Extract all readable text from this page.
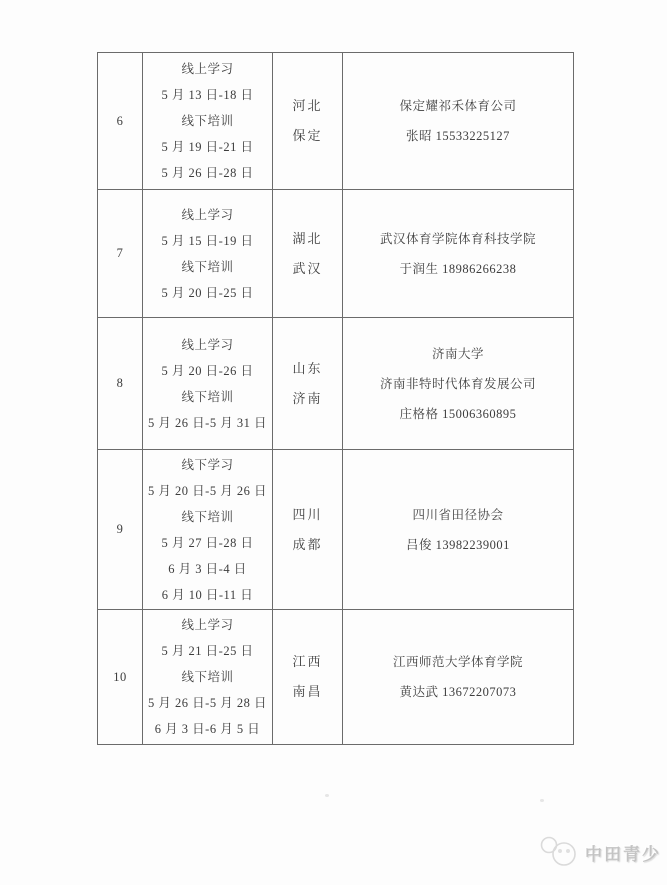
6
线上学习
5 月 13 日-18 日
线下培训
5 月 19 日-21 日
5 月 26 日-28 日
河北
保定
保定耀祁禾体育公司
张昭 15533225127
7
线上学习
5 月 15 日-19 日
线下培训
5 月 20 日-25 日
湖北
武汉
武汉体育学院体育科技学院
于润生 18986266238
8
线上学习
5 月 20 日-26 日
线下培训
5 月 26 日-5 月 31 日
山东
济南
济南大学
济南非特时代体育发展公司
庄格格 15006360895
9
线下学习
5 月 20 日-5 月 26 日
线下培训
5 月 27 日-28 日
6 月 3 日-4 日
6 月 10 日-11 日
四川
成都
四川省田径协会
吕俊 13982239001
10
线上学习
5 月 21 日-25 日
线下培训
5 月 26 日-5 月 28 日
6 月 3 日-6 月 5 日
江西
南昌
江西师范大学体育学院
黄达武 13672207073
中田青少
